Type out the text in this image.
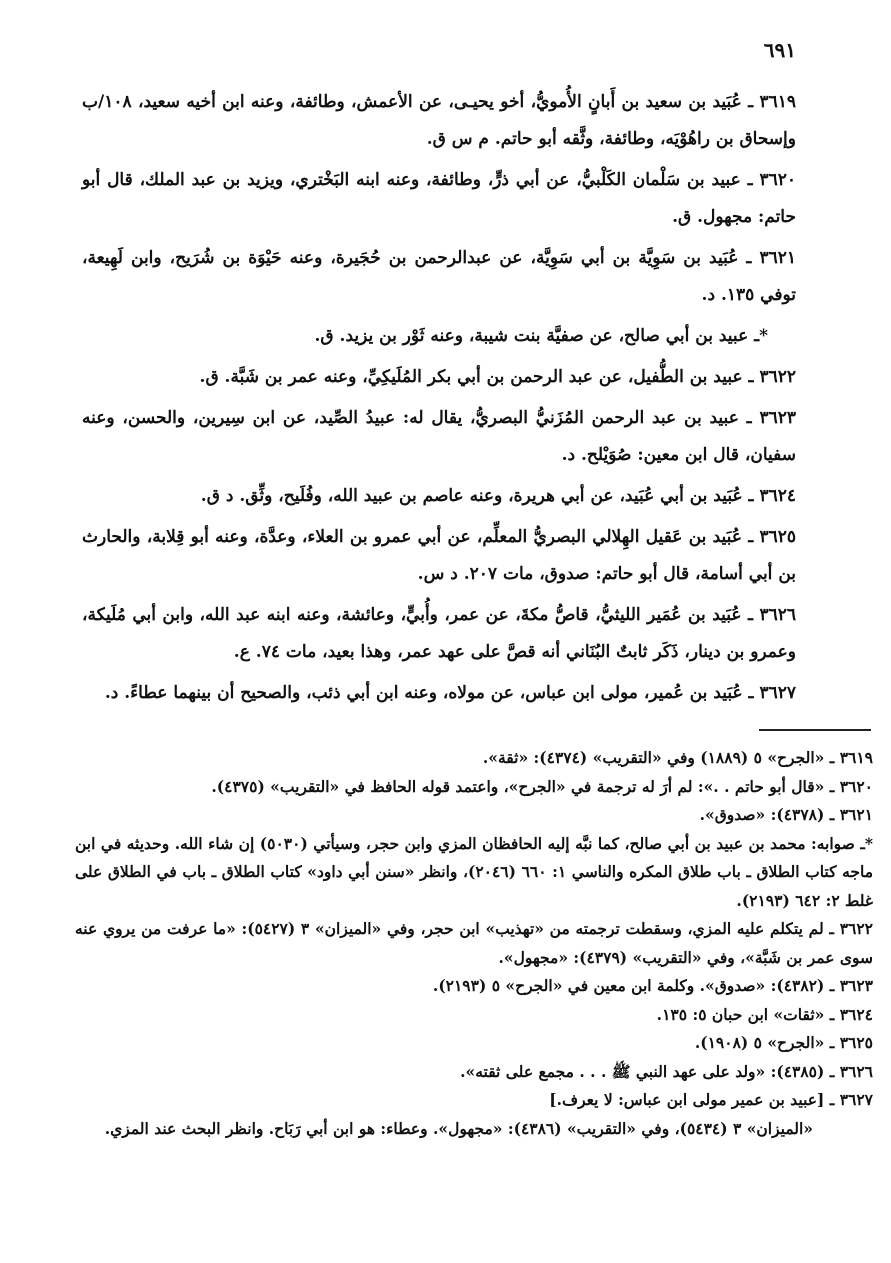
٦٩١

٣٦١٩ ـ عُبَيد بن سعيد بن أَبانٍ الأُمويُّ، أخو يحيـى، عن الأعمش، وطائفة، وعنه ابن أخيه سعيد، ١٠٨/ب وإسحاق بن راهُوْيَه، وطائفة، وثَّقه أبو حاتم. م س ق.

٣٦٢٠ ـ عبيد بن سَلْمان الكَلْبيُّ، عن أبي ذرٍّ، وطائفة، وعنه ابنه البَخْتري، ويزيد بن عبد الملك، قال أبو حاتم: مجهول. ق.

٣٦٢١ ـ عُبَيد بن سَوِيَّة بن أبي سَوِيَّة، عن عبدالرحمن بن حُجَيرة، وعنه حَيْوَة بن شُرَيح، وابن لَهِيعة، توفي ١٣٥. د.

*ـ عبيد بن أبي صالح، عن صفيَّة بنت شيبة، وعنه ثَوْر بن يزيد. ق.

٣٦٢٢ ـ عبيد بن الطُّفيل، عن عبد الرحمن بن أبي بكر المُلَيكِيِّ، وعنه عمر بن شَبَّة. ق.

٣٦٢٣ ـ عبيد بن عبد الرحمن المُزَنيُّ البصريُّ، يقال له: عبيدُ الصِّيد، عن ابن سِيرين، والحسن، وعنه سفيان، قال ابن معين: صُوَيْلح. د.

٣٦٢٤ ـ عُبَيد بن أبي عُبَيد، عن أبي هريرة، وعنه عاصم بن عبيد الله، وفُلَيح، وثِّق. د ق.

٣٦٢٥ ـ عُبَيد بن عَقيل الهِلالي البصريُّ المعلِّم، عن أبي عمرو بن العلاء، وعدَّة، وعنه أبو قِلابة، والحارث بن أبي أسامة، قال أبو حاتم: صدوق، مات ٢٠٧. د س.

٣٦٢٦ ـ عُبَيد بن عُمَير الليثيُّ، قاصُّ مكةَ، عن عمر، وأُبيٍّ، وعائشة، وعنه ابنه عبد الله، وابن أبي مُلَيكة، وعمرو بن دينار، ذَكَر ثابتٌ البُنَاني أنه قصَّ على عهد عمر، وهذا بعيد، مات ٧٤. ع.

٣٦٢٧ ـ عُبَيد بن عُمير، مولى ابن عباس، عن مولاه، وعنه ابن أبي ذئب، والصحيح أن بينهما عطاءً. د.

٣٦١٩ ـ «الجرح» ٥ (١٨٨٩) وفي «التقريب» (٤٣٧٤): «ثقة».

٣٦٢٠ ـ «قال أبو حاتم . .»: لم أرَ له ترجمة في «الجرح»، واعتمد قوله الحافظ في «التقريب» (٤٣٧٥).

٣٦٢١ ـ (٤٣٧٨): «صدوق».

*ـ صوابه: محمد بن عبيد بن أبي صالح، كما نبَّه إليه الحافظان المزي وابن حجر، وسيأتي (٥٠٣٠) إن شاء الله. وحديثه في ابن ماجه كتاب الطلاق ـ باب طلاق المكره والناسي ١: ٦٦٠ (٢٠٤٦)، وانظر «سنن أبي داود» كتاب الطلاق ـ باب في الطلاق على غلط ٢: ٦٤٢ (٢١٩٣).

٣٦٢٢ ـ لم يتكلم عليه المزي، وسقطت ترجمته من «تهذيب» ابن حجر، وفي «الميزان» ٣ (٥٤٢٧): «ما عرفت من يروي عنه سوى عمر بن شَبَّة»، وفي «التقريب» (٤٣٧٩): «مجهول».

٣٦٢٣ ـ (٤٣٨٢): «صدوق». وكلمة ابن معين في «الجرح» ٥ (٢١٩٣).

٣٦٢٤ ـ «ثقات» ابن حبان ٥: ١٣٥.

٣٦٢٥ ـ «الجرح» ٥ (١٩٠٨).

٣٦٢٦ ـ (٤٣٨٥): «ولد على عهد النبي ﷺ . . . مجمع على ثقته».

٣٦٢٧ ـ [عبيد بن عمير مولى ابن عباس: لا يعرف.]

«الميزان» ٣ (٥٤٣٤)، وفي «التقريب» (٤٣٨٦): «مجهول». وعطاء: هو ابن أبي رَبَاح. وانظر البحث عند المزي.
